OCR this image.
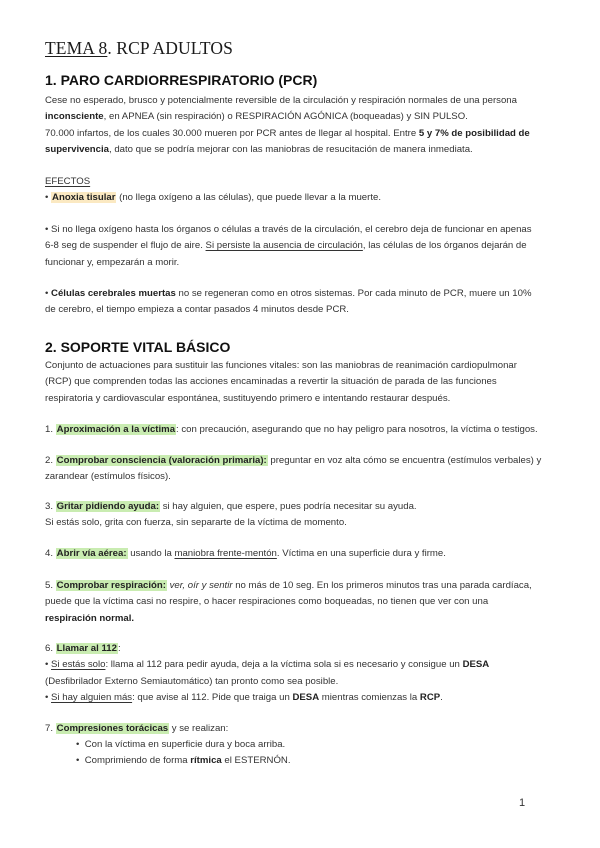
TEMA 8. RCP ADULTOS
1. PARO CARDIORRESPIRATORIO (PCR)

Cese no esperado, brusco y potencialmente reversible de la circulación y respiración normales de una persona
inconsciente, en APNEA (sin respiración) o RESPIRACIÓN AGÓNICA (boqueadas) y SIN PULSO.
70.000 infartos, de los cuales 30.000 mueren por PCR antes de llegar al hospital. Entre 5 y 7% de posibilidad de
supervivencia, dato que se podría mejorar con las maniobras de resucitación de manera inmediata.

EFECTOS

• Anoxia tisular (no llega oxígeno a las células), que puede llevar a la muerte.

• Si no llega oxígeno hasta los órganos o células a través de la circulación, el cerebro deja de funcionar en apenas
6-8 seg de suspender el flujo de aire. Si persiste la ausencia de circulación, las células de los órganos dejarán de
funcionar y, empezarán a morir.

• Células cerebrales muertas no se regeneran como en otros sistemas. Por cada minuto de PCR, muere un 10%
de cerebro, el tiempo empieza a contar pasados 4 minutos desde PCR.

2. SOPORTE VITAL BÁSICO

Conjunto de actuaciones para sustituir las funciones vitales: son las maniobras de reanimación cardiopulmonar
(RCP) que comprenden todas las acciones encaminadas a revertir la situación de parada de las funciones
respiratoria y cardiovascular espontánea, sustituyendo primero e intentando restaurar después.

1. Aproximación a la víctima: con precaución, asegurando que no hay peligro para nosotros, la víctima o testigos.

2. Comprobar consciencia (valoración primaria): preguntar en voz alta cómo se encuentra (estímulos verbales) y
zarandear (estímulos físicos).

3. Gritar pidiendo ayuda: si hay alguien, que espere, pues podría necesitar su ayuda.
Si estás solo, grita con fuerza, sin separarte de la víctima de momento.

4. Abrir vía aérea: usando la maniobra frente-mentón. Víctima en una superficie dura y firme.

5. Comprobar respiración: ver, oír y sentir no más de 10 seg. En los primeros minutos tras una parada cardíaca,
puede que la víctima casi no respire, o hacer respiraciones como boqueadas, no tienen que ver con una
respiración normal.

6. Llamar al 112:
• Si estás solo: llama al 112 para pedir ayuda, deja a la víctima sola si es necesario y consigue un DESA
(Desfibrilador Externo Semiautomático) tan pronto como sea posible.
• Si hay alguien más: que avise al 112. Pide que traiga un DESA mientras comienzas la RCP.

7. Compresiones torácicas y se realizan:

•  Con la víctima en superficie dura y boca arriba.
•  Comprimiendo de forma rítmica el ESTERNÓN.
1
